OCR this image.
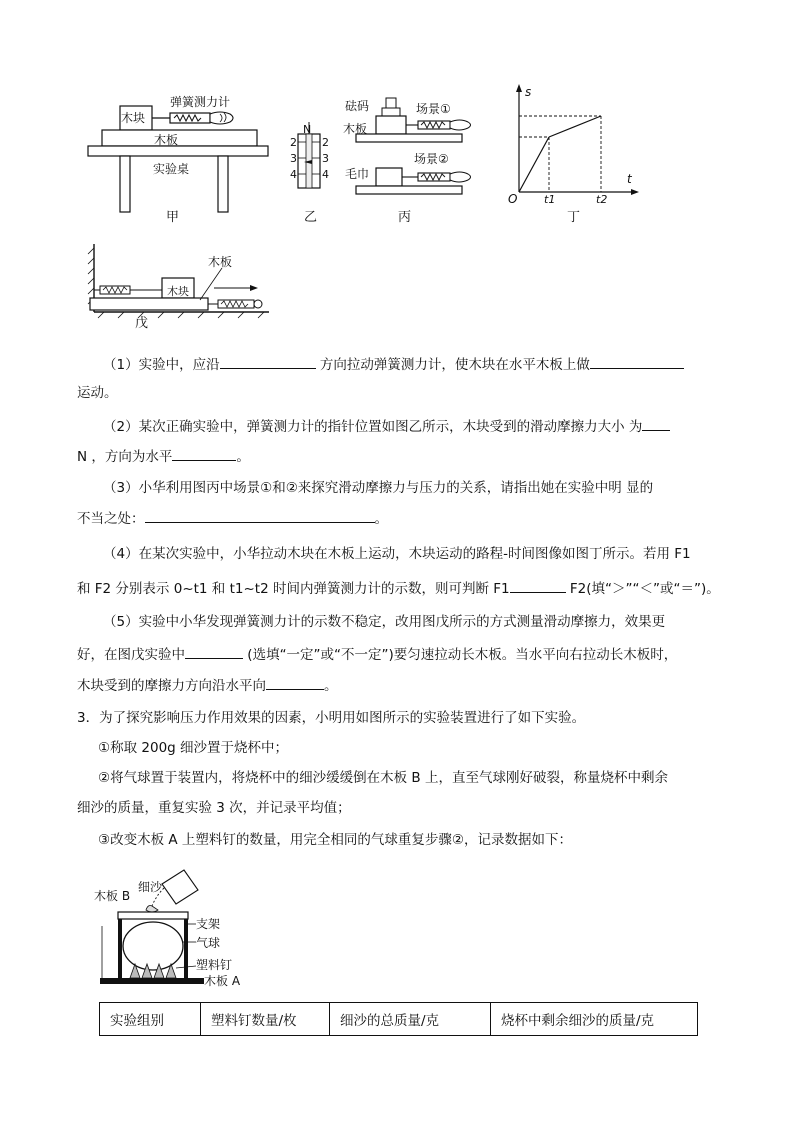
木块
弹簧测力计
木板
实验桌
甲
N
2
3
4
2
3
4
乙
砝码
木板
场景①
毛巾
场景②
丙
s
t
O t1	t2
丁
木板
木块
戊
（1）实验中，应沿	方向拉动弹簧测力计，使木块在水平木板上做
运动。
（2）某次正确实验中，弹簧测力计的指针位置如图乙所示，木块受到的滑动摩擦力大小 为
N ，方向为水平	。
（3）小华利用图丙中场景①和②来探究滑动摩擦力与压力的关系，请指出她在实验中明 显的
不当之处：	。
（4）在某次实验中，小华拉动木块在木板上运动，木块运动的路程-时间图像如图丁所示。若用 F1
和 F2 分别表示 0~t1 和 t1~t2 时间内弹簧测力计的示数，则可判断 F1	F2(填“＞”“＜”或“＝”)。
（5）实验中小华发现弹簧测力计的示数不稳定，改用图戊所示的方式测量滑动摩擦力，效果更
好，在图戊实验中	(选填“一定”或“不一定”)要匀速拉动长木板。当水平向右拉动长木板时，
木块受到的摩擦力方向沿水平向	。
3．为了探究影响压力作用效果的因素，小明用如图所示的实验装置进行了如下实验。
①称取 200g 细沙置于烧杯中；
②将气球置于装置内，将烧杯中的细沙缓缓倒在木板 B 上，直至气球刚好破裂，称量烧杯中剩余
细沙的质量，重复实验 3 次，并记录平均值；
③改变木板 A 上塑料钉的数量，用完全相同的气球重复步骤②，记录数据如下：
木板 B
细沙
支架
气球
塑料钉
木板 A
实验组别	塑料钉数量/枚	细沙的总质量/克	烧杯中剩余细沙的质量/克
